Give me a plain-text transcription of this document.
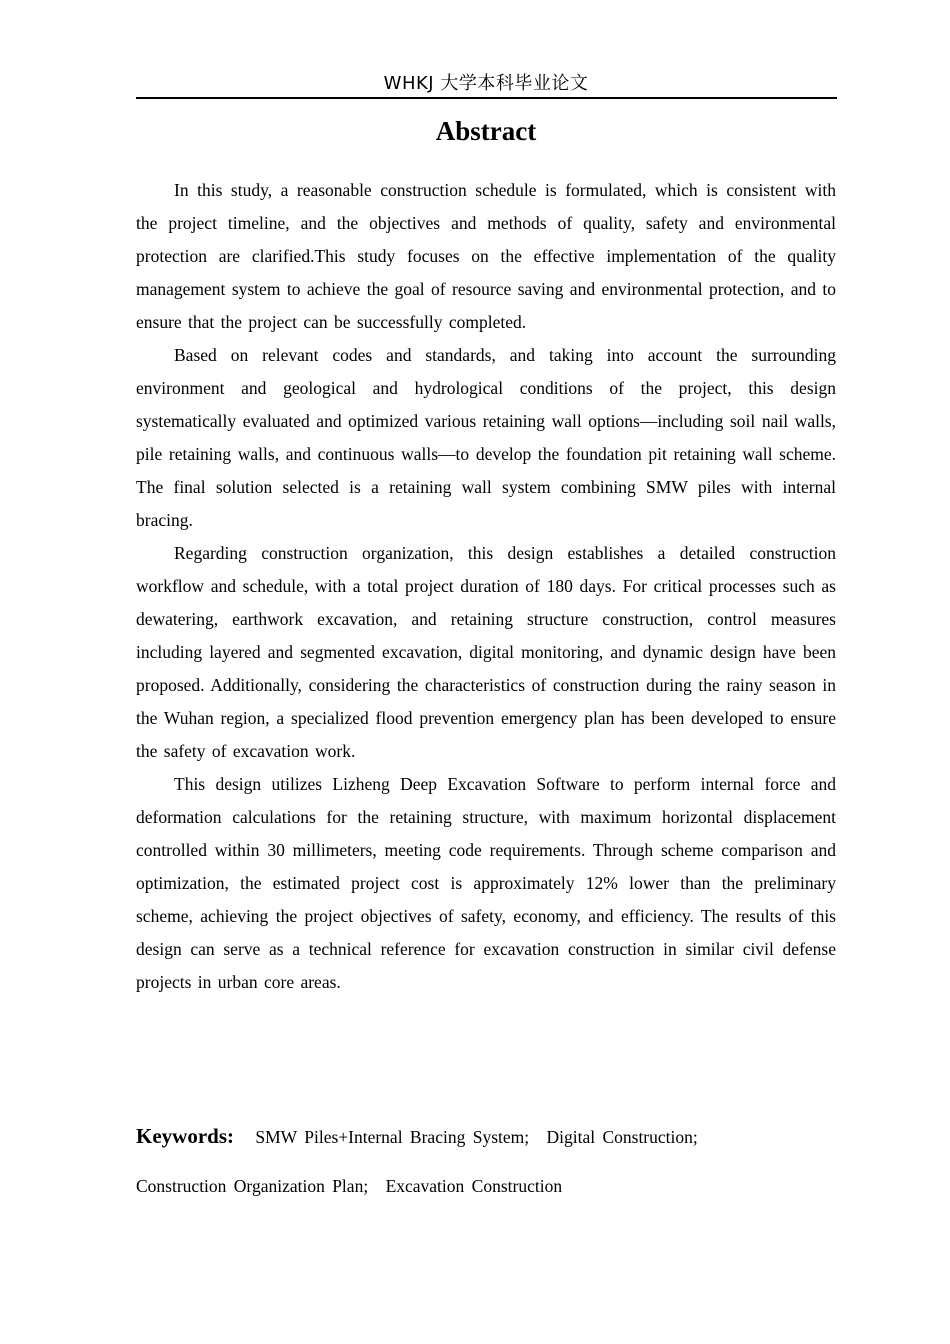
WHKJ 大学本科毕业论文
Abstract

In this study, a reasonable construction schedule is formulated, which is consistent with the project timeline, and the objectives and methods of quality, safety and environmental protection are clarified.This study focuses on the effective implementation of the quality management system to achieve the goal of resource saving and environmental protection, and to ensure that the project can be successfully completed.

Based on relevant codes and standards, and taking into account the surrounding environment and geological and hydrological conditions of the project, this design systematically evaluated and optimized various retaining wall options—including soil nail walls, pile retaining walls, and continuous walls—to develop the foundation pit retaining wall scheme. The final solution selected is a retaining wall system combining SMW piles with internal bracing.

Regarding construction organization, this design establishes a detailed construction workflow and schedule, with a total project duration of 180 days. For critical processes such as dewatering, earthwork excavation, and retaining structure construction, control measures including layered and segmented excavation, digital monitoring, and dynamic design have been proposed. Additionally, considering the characteristics of construction during the rainy season in the Wuhan region, a specialized flood prevention emergency plan has been developed to ensure the safety of excavation work.

This design utilizes Lizheng Deep Excavation Software to perform internal force and deformation calculations for the retaining structure, with maximum horizontal displacement controlled within 30 millimeters, meeting code requirements. Through scheme comparison and optimization, the estimated project cost is approximately 12% lower than the preliminary scheme, achieving the project objectives of safety, economy, and efficiency. The results of this design can serve as a technical reference for excavation construction in similar civil defense projects in urban core areas.

Keywords: SMW Piles+Internal Bracing System; Digital Construction;
Construction Organization Plan; Excavation Construction
